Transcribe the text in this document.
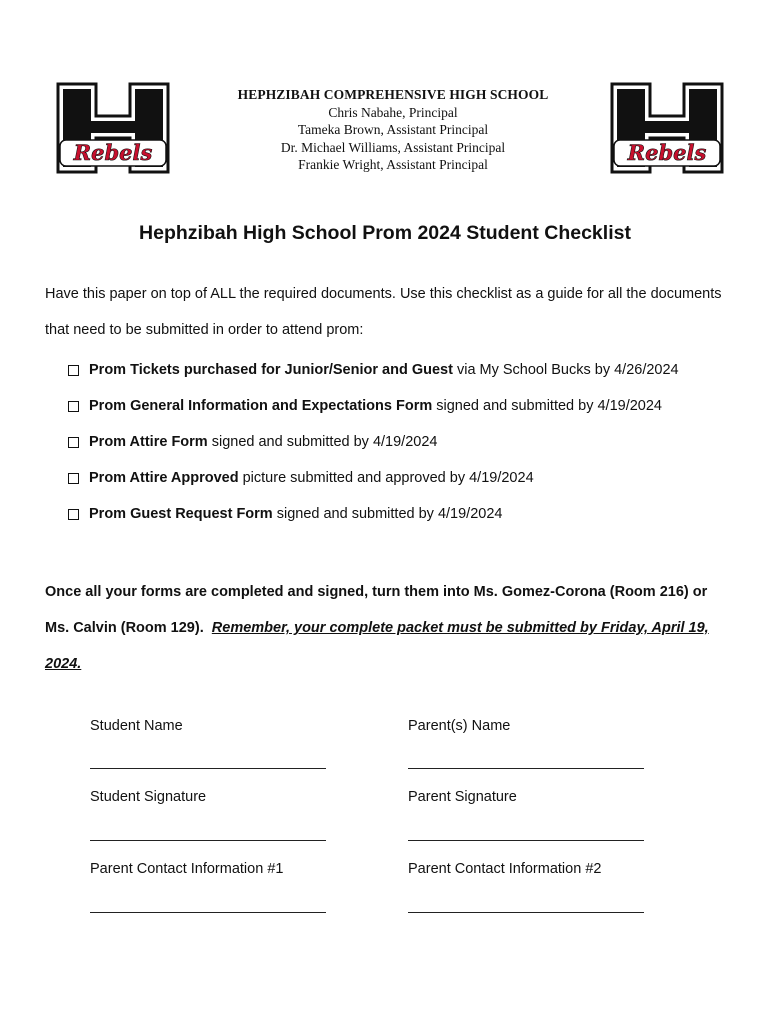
Rebels	Rebels
HEPHZIBAH COMPREHENSIVE HIGH SCHOOL
Chris Nabahe, Principal
Tameka Brown, Assistant Principal
Dr. Michael Williams, Assistant Principal
Frankie Wright, Assistant Principal
Hephzibah High School Prom 2024 Student Checklist
Have this paper on top of ALL the required documents. Use this checklist as a guide for all the documents that need to be submitted in order to attend prom:
Prom Tickets purchased for Junior/Senior and Guest via My School Bucks by 4/26/2024
Prom General Information and Expectations Form signed and submitted by 4/19/2024
Prom Attire Form signed and submitted by 4/19/2024
Prom Attire Approved picture submitted and approved by 4/19/2024
Prom Guest Request Form signed and submitted by 4/19/2024
Once all your forms are completed and signed, turn them into Ms. Gomez-Corona (Room 216) or Ms. Calvin (Room 129). Remember, your complete packet must be submitted by Friday, April 19, 2024.
Student Name	Parent(s) Name
Student Signature	Parent Signature
Parent Contact Information #1	Parent Contact Information #2
